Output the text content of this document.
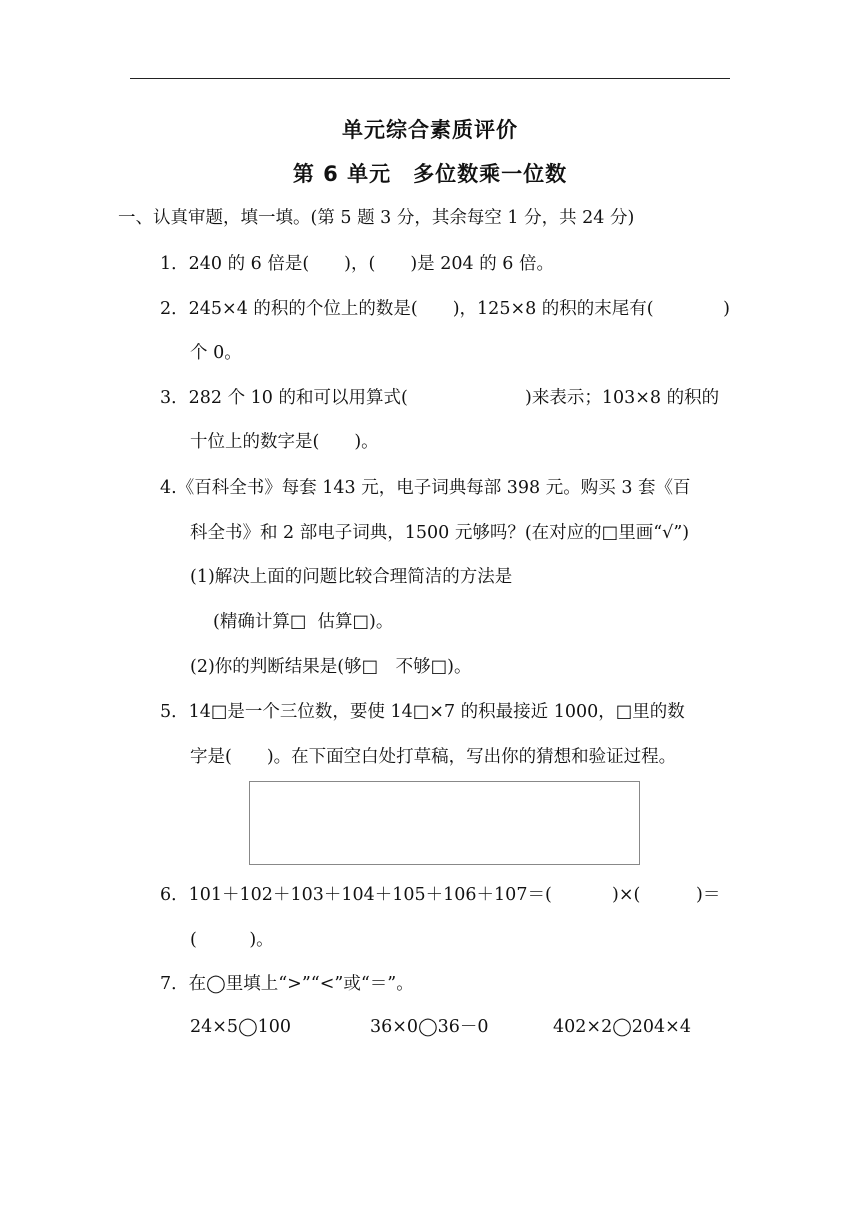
单元综合素质评价
第 6 单元　多位数乘一位数
一、认真审题，填一填。(第 5 题 3 分，其余每空 1 分，共 24 分)
1．240 的 6 倍是(　　)，(　　)是 204 的 6 倍。
2．245×4 的积的个位上的数是(　　)，125×8 的积的末尾有(	)
个 0。
3．282 个 10 的和可以用算式(	)来表示；103×8 的积的
十位上的数字是(　　)。
4.《百科全书》每套 143 元，电子词典每部 398 元。购买 3 套《百
科全书》和 2 部电子词典，1500 元够吗？(在对应的□里画“√”)
(1)解决上面的问题比较合理简洁的方法是
(精确计算□  估算□)。
(2)你的判断结果是(够□　不够□)。
5．14□是一个三位数，要使 14□×7 的积最接近 1000，□里的数
字是(　　)。在下面空白处打草稿，写出你的猜想和验证过程。
6．101＋102＋103＋104＋105＋106＋107＝(	)×(	)＝
(　　　)。
7．在◯里填上“>”“<”或“＝”。
24×5◯100	36×0◯36－0	402×2◯204×4
